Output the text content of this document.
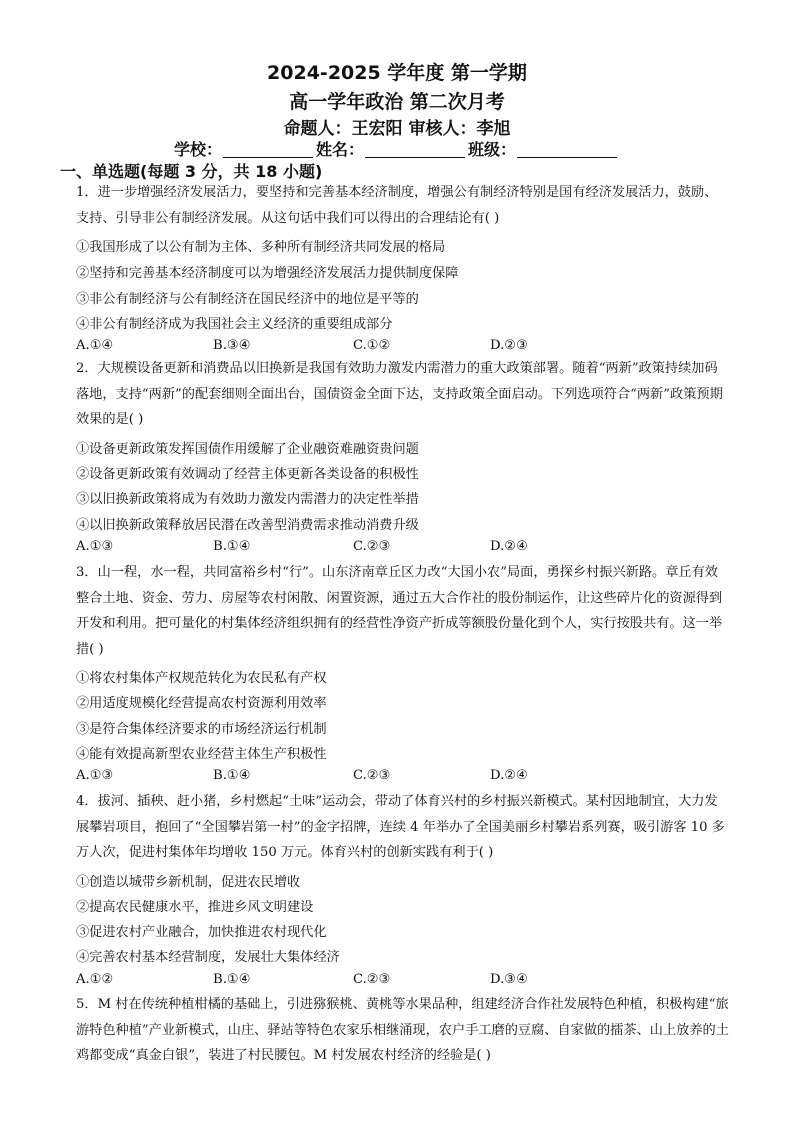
2024-2025 学年度 第一学期
高一学年政治 第二次月考
命题人：王宏阳 审核人：李旭
学校：	姓名：	班级：
一、单选题(每题 3 分，共 18 小题)

1．进一步增强经济发展活力，要坚持和完善基本经济制度，增强公有制经济特别是国有经济发展活力，鼓励、支持、引导非公有制经济发展。从这句话中我们可以得出的合理结论有( )

①我国形成了以公有制为主体、多种所有制经济共同发展的格局
②坚持和完善基本经济制度可以为增强经济发展活力提供制度保障
③非公有制经济与公有制经济在国民经济中的地位是平等的
④非公有制经济成为我国社会主义经济的重要组成部分
A.①④	B.③④	C.①②	D.②③

2．大规模设备更新和消费品以旧换新是我国有效助力激发内需潜力的重大政策部署。随着“两新”政策持续加码落地，支持“两新”的配套细则全面出台，国债资金全面下达，支持政策全面启动。下列选项符合“两新”政策预期效果的是( )

①设备更新政策发挥国债作用缓解了企业融资难融资贵问题
②设备更新政策有效调动了经营主体更新各类设备的积极性
③以旧换新政策将成为有效助力激发内需潜力的决定性举措
④以旧换新政策释放居民潜在改善型消费需求推动消费升级
A.①③	B.①④	C.②③	D.②④

3．山一程，水一程，共同富裕乡村“行”。山东济南章丘区力改“大国小农”局面，勇探乡村振兴新路。章丘有效整合土地、资金、劳力、房屋等农村闲散、闲置资源，通过五大合作社的股份制运作，让这些碎片化的资源得到开发和利用。把可量化的村集体经济组织拥有的经营性净资产折成等额股份量化到个人，实行按股共有。这一举措( )

①将农村集体产权规范转化为农民私有产权
②用适度规模化经营提高农村资源利用效率
③是符合集体经济要求的市场经济运行机制
④能有效提高新型农业经营主体生产积极性
A.①③	B.①④	C.②③	D.②④

4．拔河、插秧、赶小猪，乡村燃起“土味”运动会，带动了体育兴村的乡村振兴新模式。某村因地制宜，大力发展攀岩项目，抱回了“全国攀岩第一村”的金字招牌，连续 4 年举办了全国美丽乡村攀岩系列赛，吸引游客 10 多万人次，促进村集体年均增收 150 万元。体育兴村的创新实践有利于( )

①创造以城带乡新机制，促进农民增收
②提高农民健康水平，推进乡风文明建设
③促进农村产业融合，加快推进农村现代化
④完善农村基本经营制度，发展壮大集体经济
A.①②	B.①④	C.②③	D.③④

5．M 村在传统种植柑橘的基础上，引进猕猴桃、黄桃等水果品种，组建经济合作社发展特色种植，积极构建“旅游特色种植”产业新模式，山庄、驿站等特色农家乐相继涌现，农户手工磨的豆腐、自家做的擂茶、山上放养的土鸡都变成“真金白银”，装进了村民腰包。M 村发展农村经济的经验是( )
